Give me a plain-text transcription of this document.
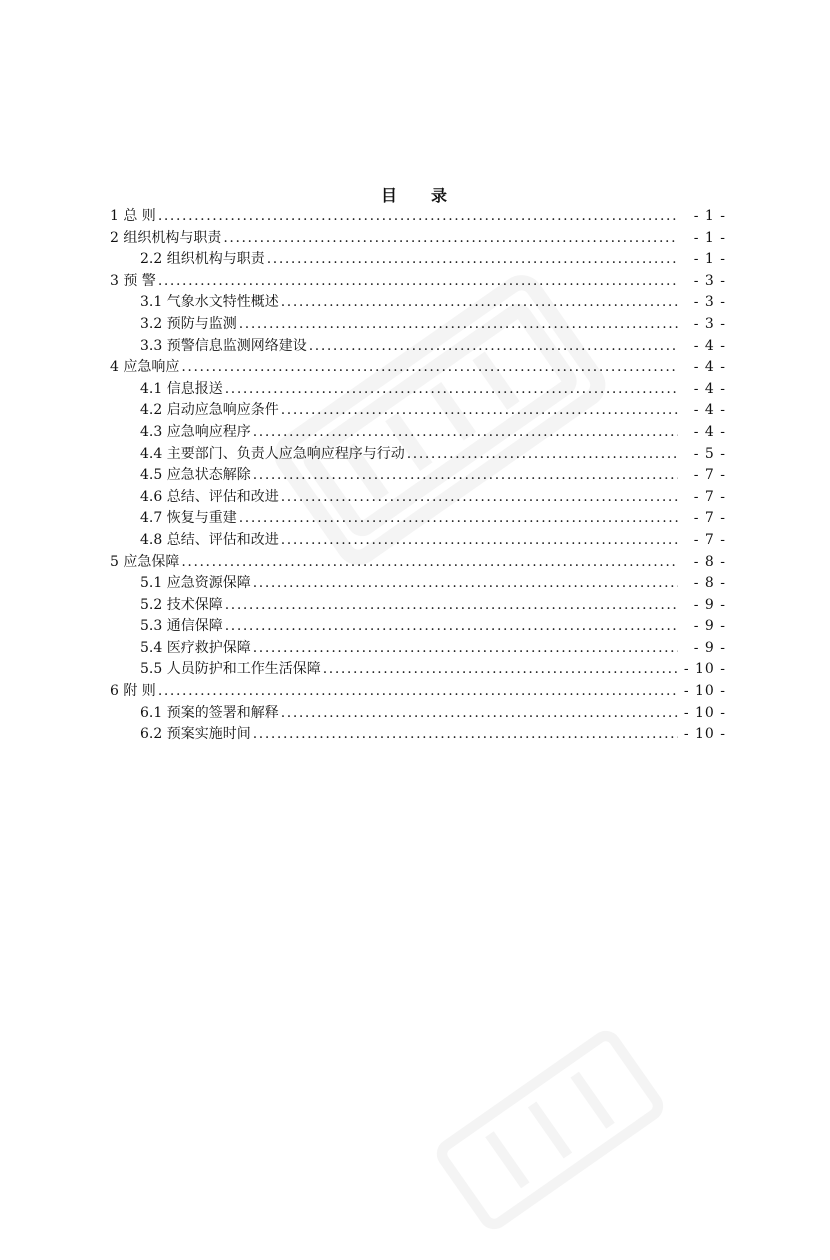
目 录
1 总 则 .....	- 1 -
2 组织机构与职责 .....	- 1 -
2.2 组织机构与职责 .....	- 1 -
3 预 警 .....	- 3 -
3.1 气象水文特性概述 .....	- 3 -
3.2 预防与监测 .....	- 3 -
3.3 预警信息监测网络建设 .....	- 4 -
4 应急响应 .....	- 4 -
4.1 信息报送 .....	- 4 -
4.2 启动应急响应条件 .....	- 4 -
4.3 应急响应程序 .....	- 4 -
4.4 主要部门、负责人应急响应程序与行动 .....	- 5 -
4.5 应急状态解除 .....	- 7 -
4.6 总结、评估和改进 .....	- 7 -
4.7 恢复与重建 .....	- 7 -
4.8 总结、评估和改进 .....	- 7 -
5 应急保障 .....	- 8 -
5.1 应急资源保障 .....	- 8 -
5.2 技术保障 .....	- 9 -
5.3 通信保障 .....	- 9 -
5.4 医疗救护保障 .....	- 9 -
5.5 人员防护和工作生活保障 .....	- 10 -
6 附 则 .....	- 10 -
6.1 预案的签署和解释 .....	- 10 -
6.2 预案实施时间 .....	- 10 -
